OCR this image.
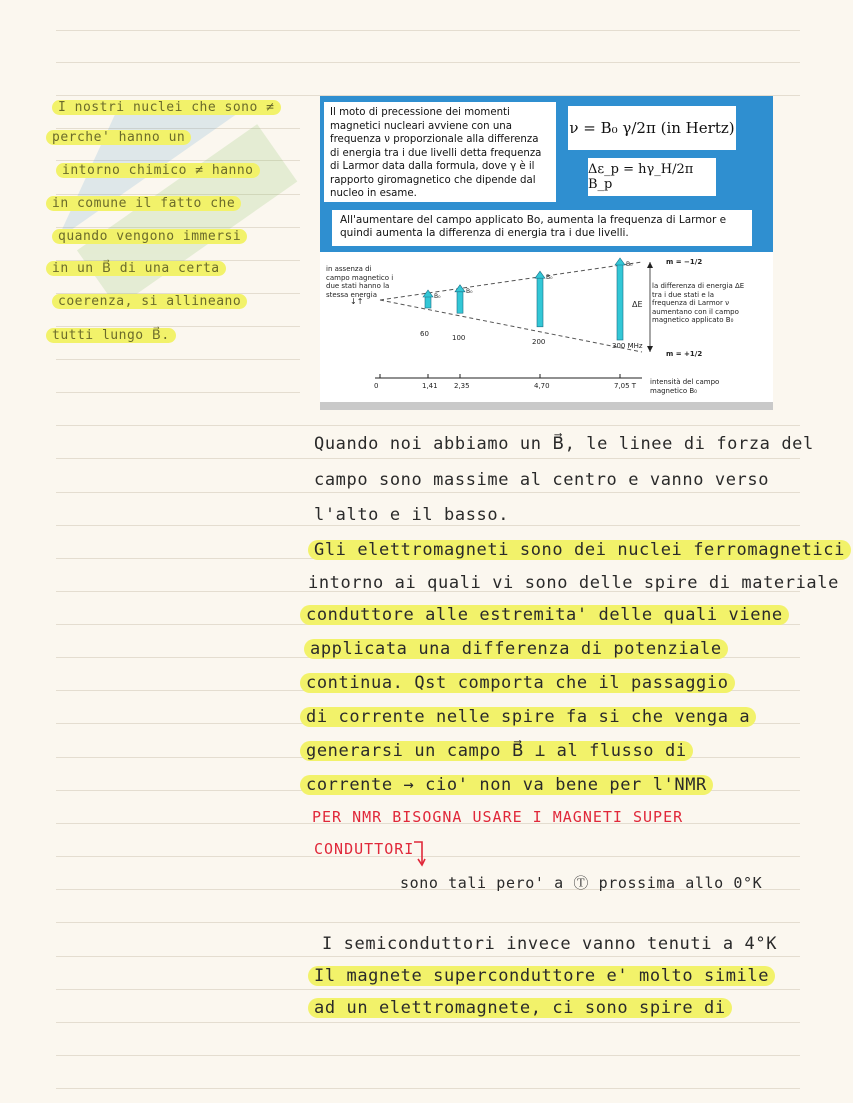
I nostri nuclei che sono ≠
perche' hanno un
intorno chimico ≠ hanno
in comune il fatto che
quando vengono immersi
in un B⃗ di una certa
coerenza, si allineano
tutti lungo B⃗.
Il moto di precessione dei momenti magnetici nucleari avviene con una frequenza ν proporzionale alla differenza di energia tra i due livelli detta frequenza di Larmor data dalla formula, dove γ è il rapporto giromagnetico che dipende dal nucleo in esame.
ν = B₀ γ/2π (in Hertz)
Δε_p = hγ_H/2π B_p
All'aumentare del campo applicato Bo, aumenta la frequenza di Larmor e quindi aumenta la differenza di energia tra i due livelli.
B₀
B₀
B₀
B₀
↓↑
in assenza di campo magnetico i due stati hanno la stessa energia
m = −1/2
m = +1/2
ΔE
la differenza di energia ΔE tra i due stati e la frequenza di Larmor ν aumentano con il campo magnetico applicato B₀
intensità del campo magnetico B₀
60	100	200	300 MHz
0	1,41 2,35	4,70	7,05 T
Quando noi abbiamo un B⃗, le linee di forza del
campo sono massime al centro e vanno verso
l'alto e il basso.
Gli elettromagneti sono dei nuclei ferromagnetici
intorno ai quali vi sono delle spire di materiale
conduttore alle estremita' delle quali viene
applicata una differenza di potenziale
continua. Qst comporta che il passaggio
di corrente nelle spire fa si che venga a
generarsi un campo B⃗ ⊥ al flusso di
corrente → cio' non va bene per l'NMR
PER NMR BISOGNA USARE I MAGNETI SUPER
CONDUTTORI
sono tali pero' a Ⓣ prossima allo 0°K
I semiconduttori invece vanno tenuti a 4°K
Il magnete superconduttore e' molto simile
ad un elettromagnete, ci sono spire di
